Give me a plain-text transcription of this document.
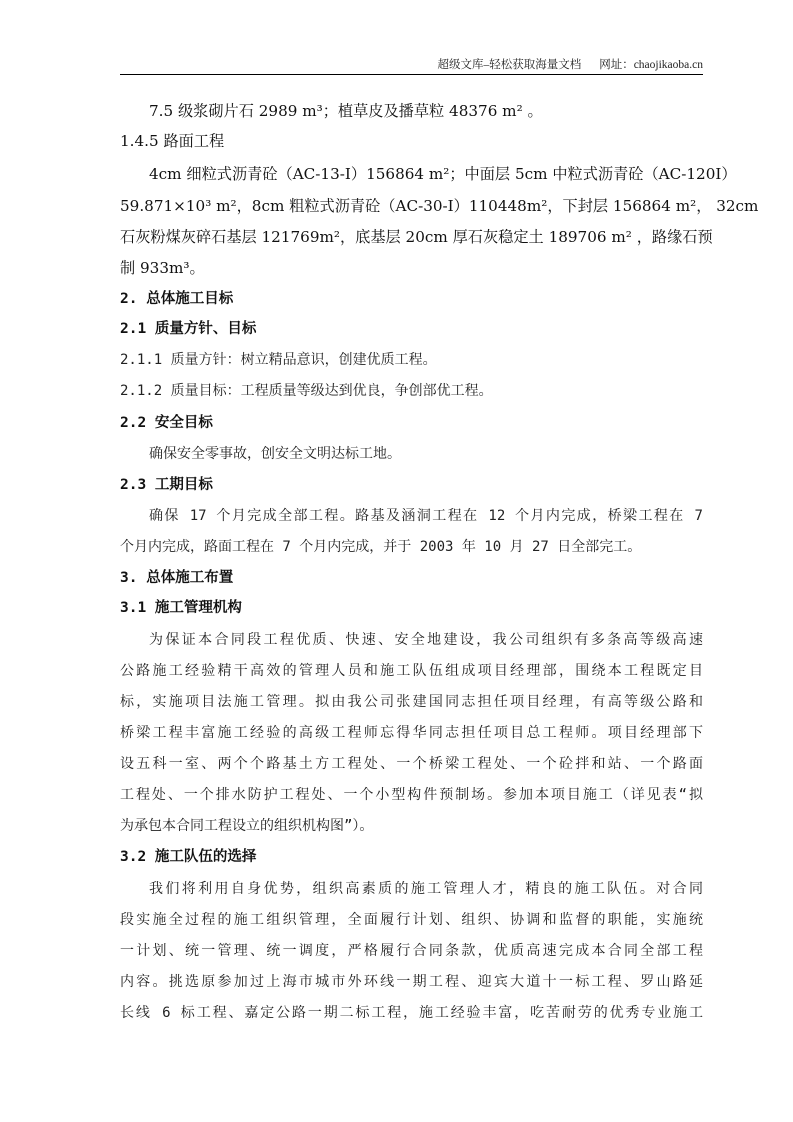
超级文库–轻松获取海量文档 网址：chaojikaoba.cn
7.5 级浆砌片石 2989 m³；植草皮及播草粒 48376 m² 。
1.4.5 路面工程
4cm 细粒式沥青砼（AC-13-I）156864 m²；中面层 5cm 中粒式沥青砼（AC-120I）
59.871×10³ m²，8cm 粗粒式沥青砼（AC-30-I）110448m²，下封层 156864 m²， 32cm
石灰粉煤灰碎石基层 121769m²，底基层 20cm 厚石灰稳定土 189706 m² ，路缘石预
制 933m³。
2. 总体施工目标
2.1 质量方针、目标
2.1.1 质量方针：树立精品意识，创建优质工程。
2.1.2 质量目标：工程质量等级达到优良，争创部优工程。
2.2 安全目标
确保安全零事故，创安全文明达标工地。
2.3 工期目标
确保 17 个月完成全部工程。路基及涵洞工程在 12 个月内完成，桥梁工程在 7
个月内完成，路面工程在 7 个月内完成，并于 2003 年 10 月 27 日全部完工。
3. 总体施工布置
3.1 施工管理机构
为保证本合同段工程优质、快速、安全地建设，我公司组织有多条高等级高速
公路施工经验精干高效的管理人员和施工队伍组成项目经理部，围绕本工程既定目
标，实施项目法施工管理。拟由我公司张建国同志担任项目经理，有高等级公路和
桥梁工程丰富施工经验的高级工程师忘得华同志担任项目总工程师。项目经理部下
设五科一室、两个个路基土方工程处、一个桥梁工程处、一个砼拌和站、一个路面
工程处、一个排水防护工程处、一个小型构件预制场。参加本项目施工（详见表“拟
为承包本合同工程设立的组织机构图”）。
3.2 施工队伍的选择
我们将利用自身优势，组织高素质的施工管理人才，精良的施工队伍。对合同
段实施全过程的施工组织管理，全面履行计划、组织、协调和监督的职能，实施统
一计划、统一管理、统一调度，严格履行合同条款，优质高速完成本合同全部工程
内容。挑选原参加过上海市城市外环线一期工程、迎宾大道十一标工程、罗山路延
长线 6 标工程、嘉定公路一期二标工程，施工经验丰富，吃苦耐劳的优秀专业施工
